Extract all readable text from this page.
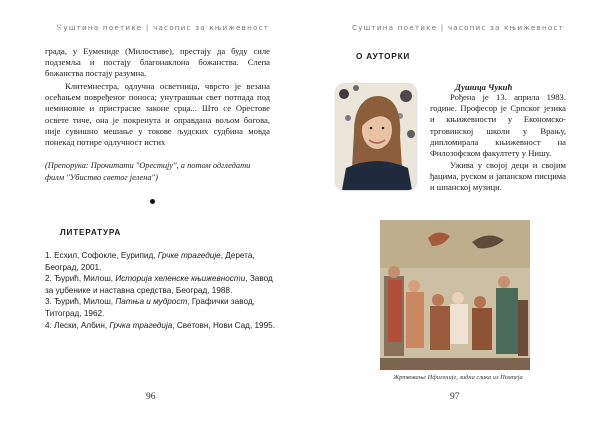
Ｓуштина поетике | часопис за књижевност

града, у Еумениде (Милостиве), престају да буду силе подземља и постају благонаклона божанства. Слепа божанства постају разумна.

Клитемнестра, одлучна осветница, чврсто је везана осећањем повређеног поноса; унутрашњи свет потпада под неминовне и пристрасне законе срца... Што се Орестове освете тиче, она је покренута и оправдана вољом богова, није сувишно мешање у токове људских судбина мовда понекад потире одлучност истих

(Препорука: Прочитати "Орестију", а потом одгледати филм "Убиство светог јелена")

ЛИТЕРАТУРА

1. Есхил, Софокле, Еурипид, Грчке трагедије, Дерета, Београд, 2001.

2. Ђурић, Милош, Историја хеленске књижевности, Завод за уџбенике и наставна средства, Београд, 1988.

3. Ђурић, Милош, Патња и мудрост, Графички завод, Титоград, 1962.

4. Лески, Албин, Грчка трагедија, Световн, Нови Сад, 1995.

96
Суштина поетике | часопис за књижевност
О АУТОРКИ
Душица Чукић

Рођена је 13. априла 1983. године. Професор је Српског језика и књижевности у Економско-трговинској школи у Врању, дипломирала књижевност на Филозофском факултету у Нишу.

Ужива у својој деци и својим ђацима, руском и јапанском писцима и шпанској музици.

Жртвовање Ифигеније, зидна слика из Помпеја
97
